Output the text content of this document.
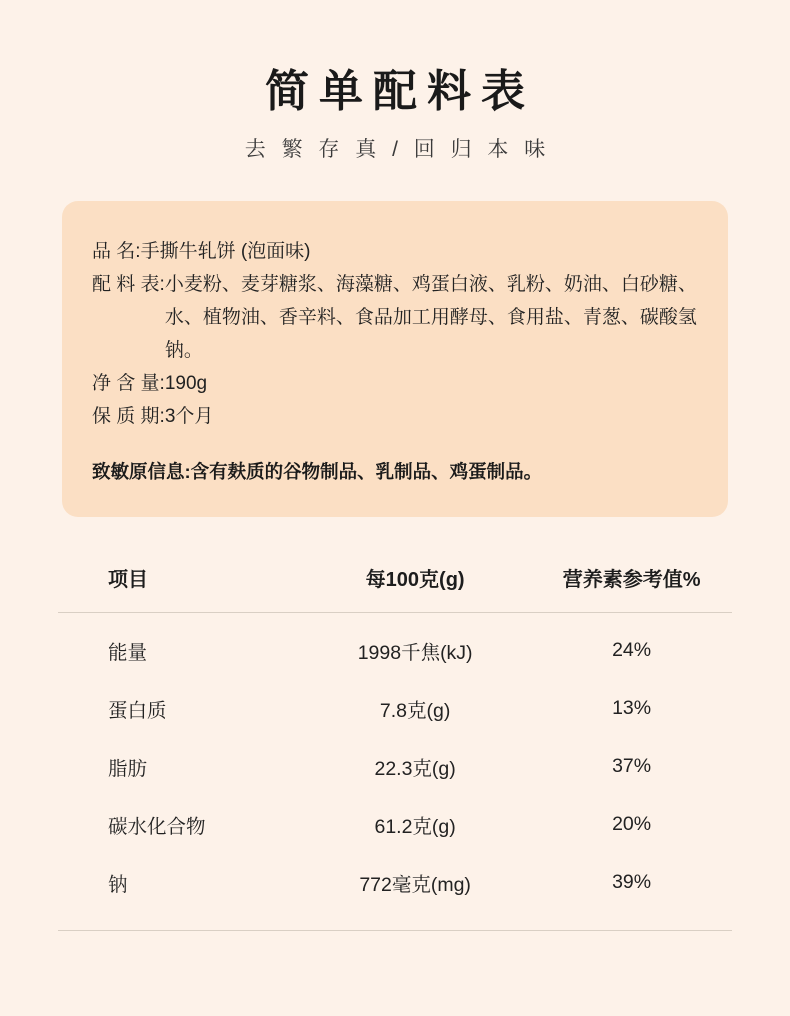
简单配料表
去 繁 存 真 / 回 归 本 味
品 名: 手撕牛轧饼 (泡面味)
配 料 表: 小麦粉、麦芽糖浆、海藻糖、鸡蛋白液、乳粉、奶油、白砂糖、水、植物油、香辛料、食品加工用酵母、食用盐、青葱、碳酸氢钠。
净 含 量: 190g
保 质 期: 3个月
致敏原信息:含有麸质的谷物制品、乳制品、鸡蛋制品。
项目	每100克(g)	营养素参考值%
能量	1998千焦(kJ)	24%
蛋白质	7.8克(g)	13%
脂肪	22.3克(g)	37%
碳水化合物	61.2克(g)	20%
钠	772毫克(mg)	39%
